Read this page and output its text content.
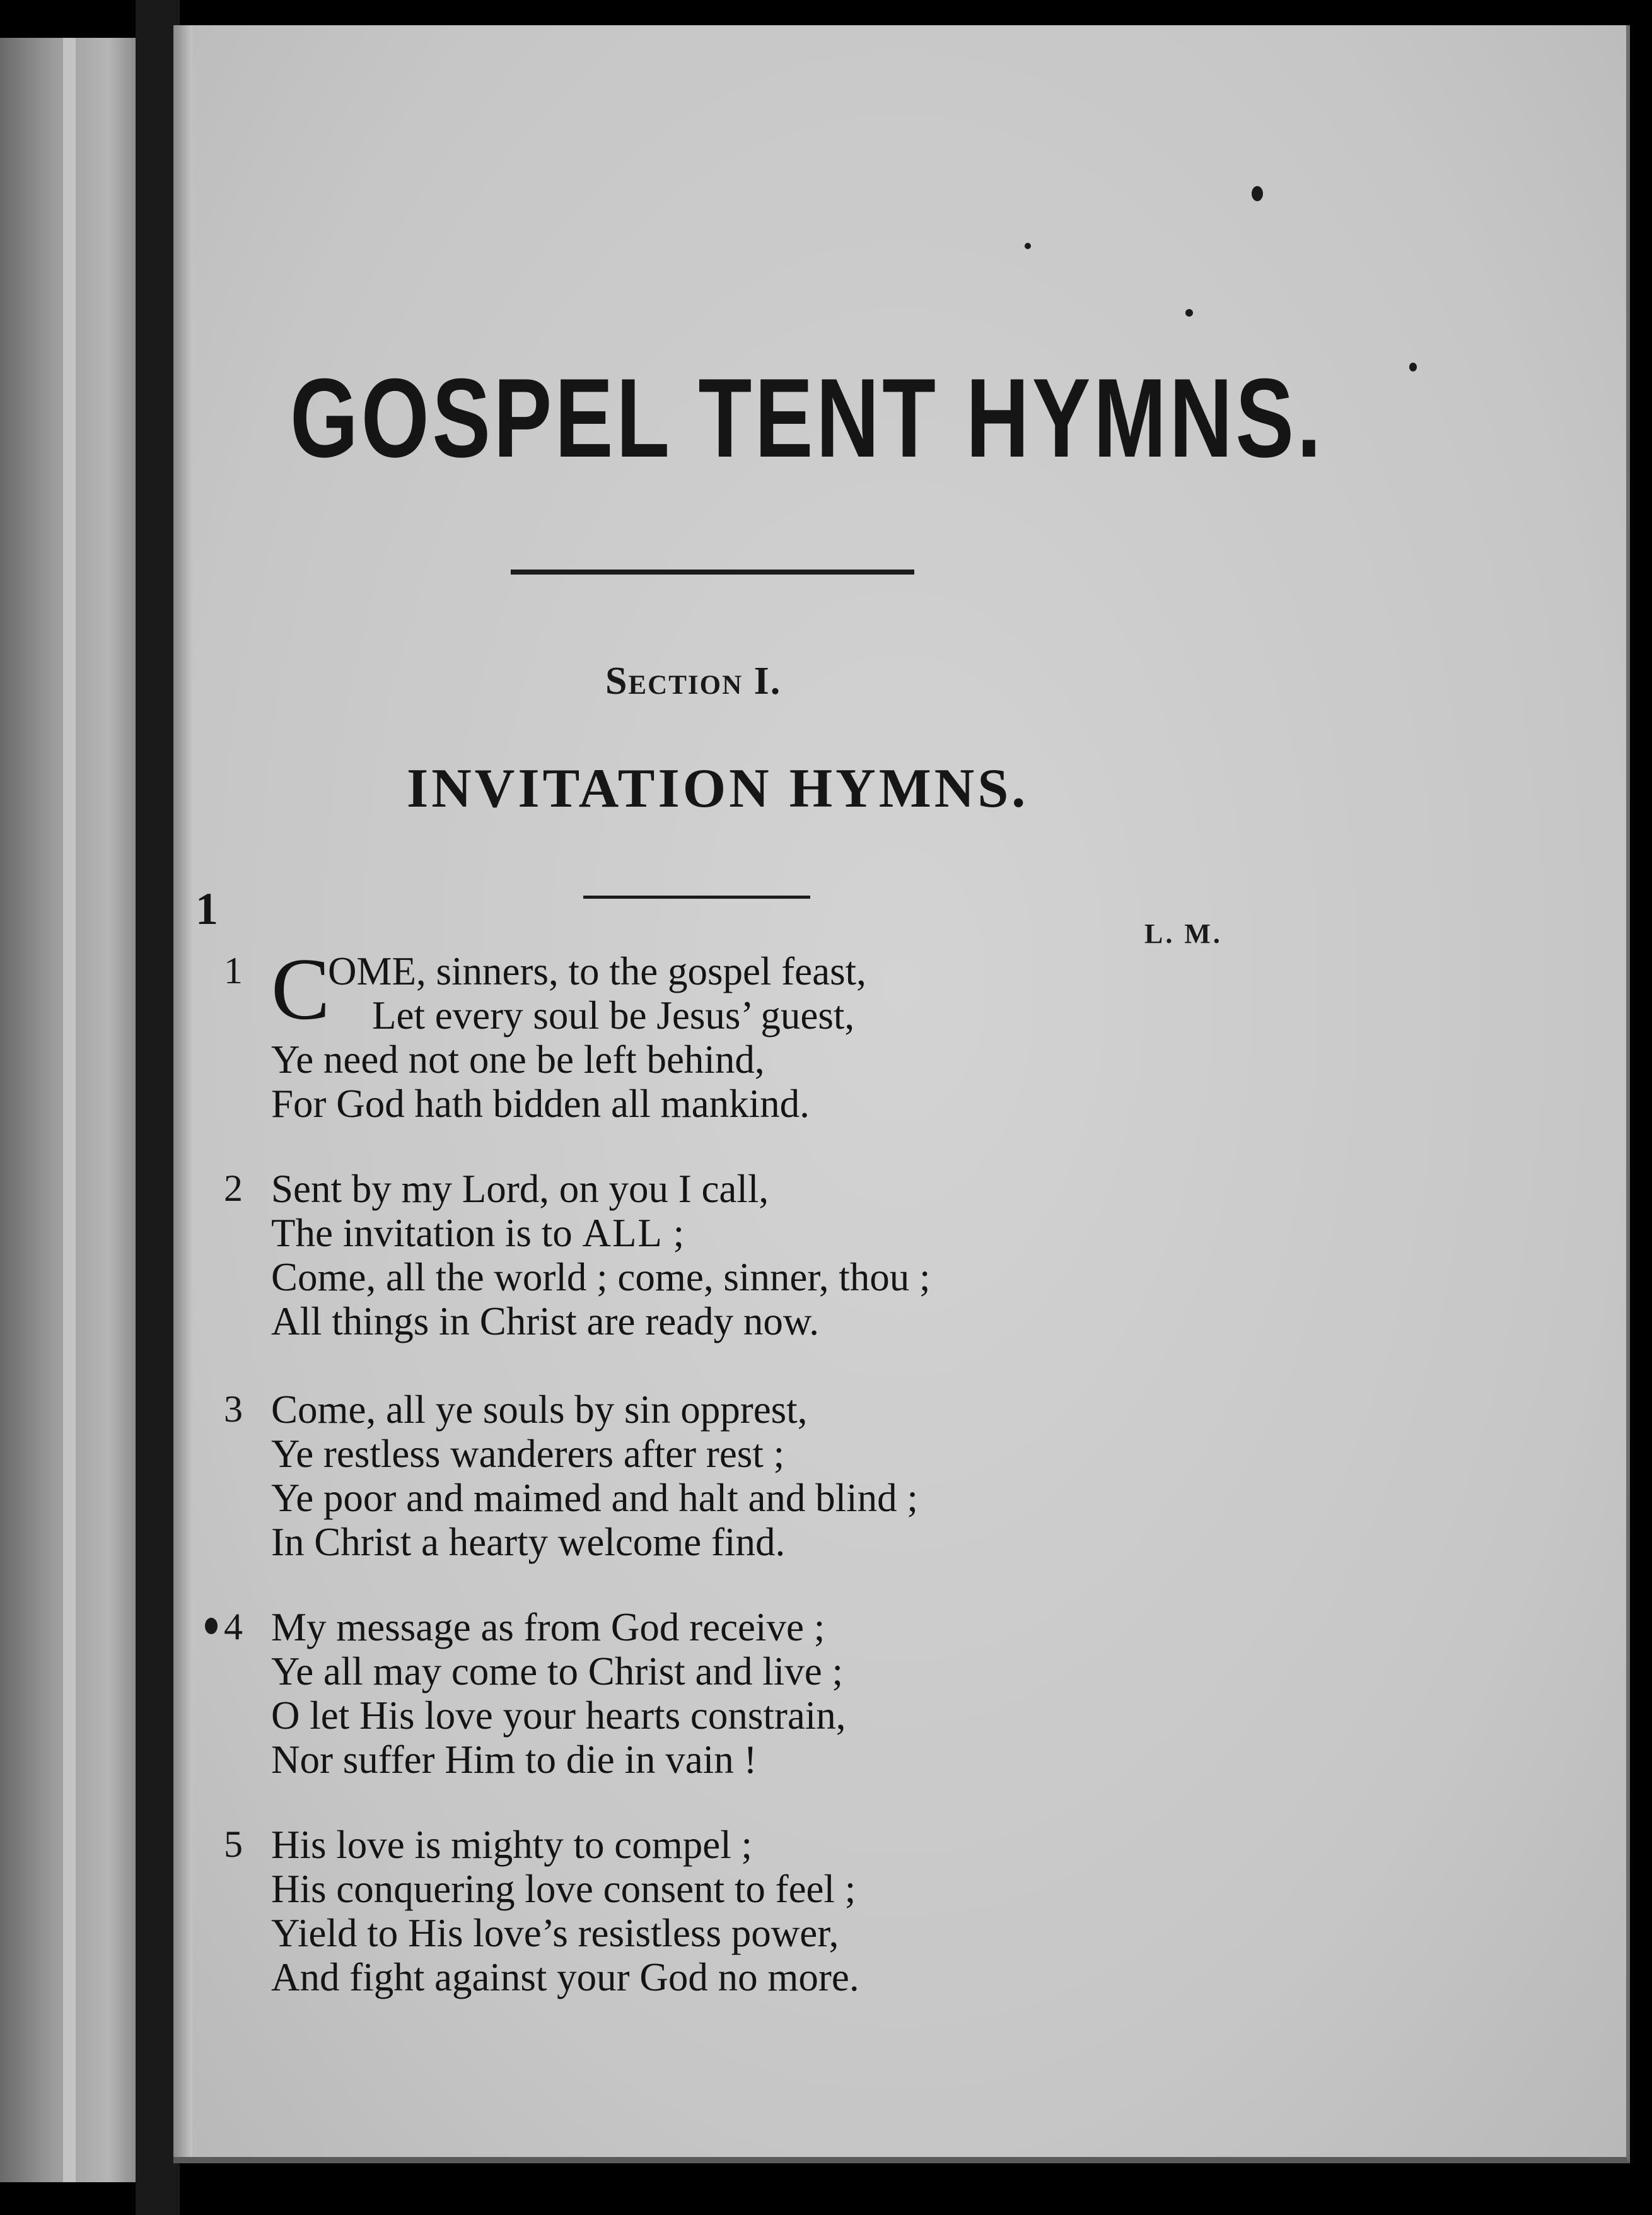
GOSPEL TENT HYMNS.
Section I.
INVITATION HYMNS.
1	L. M.
1 C
OME, sinners, to the gospel feast,
Let every soul be Jesus’ guest,
Ye need not one be left behind,
For God hath bidden all mankind.
2 Sent by my Lord, on you I call,
The invitation is to ALL ;
Come, all the world ; come, sinner, thou ;
All things in Christ are ready now.
3 Come, all ye souls by sin opprest,
Ye restless wanderers after rest ;
Ye poor and maimed and halt and blind ;
In Christ a hearty welcome find.
4 My message as from God receive ;
Ye all may come to Christ and live ;
O let His love your hearts constrain,
Nor suffer Him to die in vain !
5 His love is mighty to compel ;
His conquering love consent to feel ;
Yield to His love’s resistless power,
And fight against your God no more.
